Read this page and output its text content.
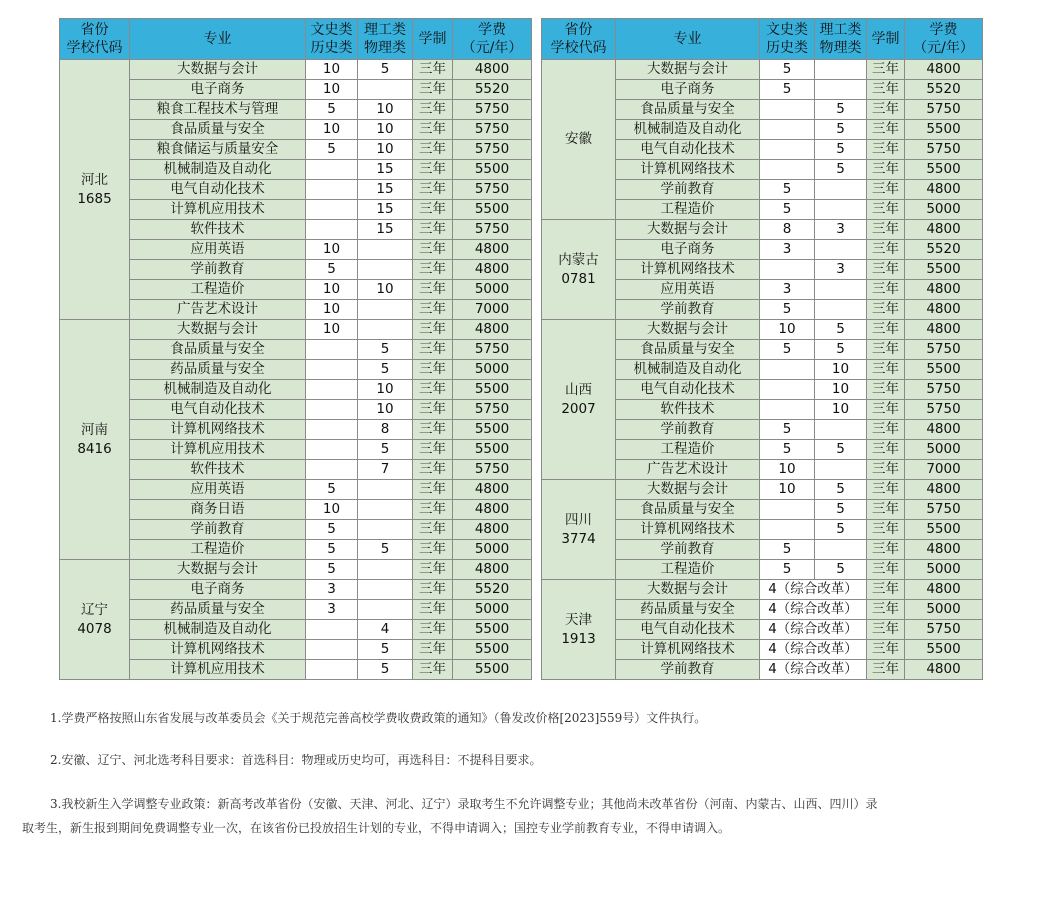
省份
学校代码	专业	文史类
历史类	理工类
物理类	学制	学费
（元/年）
河北
1685	大数据与会计	10	5	三年	4800
	电子商务	10		三年	5520
	粮食工程技术与管理	5	10	三年	5750
	食品质量与安全	10	10	三年	5750
	粮食储运与质量安全	5	10	三年	5750
	机械制造及自动化		15	三年	5500
	电气自动化技术		15	三年	5750
	计算机应用技术		15	三年	5500
	软件技术		15	三年	5750
	应用英语	10		三年	4800
	学前教育	5		三年	4800
	工程造价	10	10	三年	5000
	广告艺术设计	10		三年	7000
河南
8416	大数据与会计	10		三年	4800
	食品质量与安全		5	三年	5750
	药品质量与安全		5	三年	5000
	机械制造及自动化		10	三年	5500
	电气自动化技术		10	三年	5750
	计算机网络技术		8	三年	5500
	计算机应用技术		5	三年	5500
	软件技术		7	三年	5750
	应用英语	5		三年	4800
	商务日语	10		三年	4800
	学前教育	5		三年	4800
	工程造价	5	5	三年	5000
辽宁
4078	大数据与会计	5		三年	4800
	电子商务	3		三年	5520
	药品质量与安全	3		三年	5000
	机械制造及自动化		4	三年	5500
	计算机网络技术		5	三年	5500
	计算机应用技术		5	三年	5500
省份
学校代码	专业	文史类
历史类	理工类
物理类	学制	学费
（元/年）
安徽	大数据与会计	5		三年	4800
	电子商务	5		三年	5520
	食品质量与安全		5	三年	5750
	机械制造及自动化		5	三年	5500
	电气自动化技术		5	三年	5750
	计算机网络技术		5	三年	5500
	学前教育	5		三年	4800
	工程造价	5		三年	5000
内蒙古
0781	大数据与会计	8	3	三年	4800
	电子商务	3		三年	5520
	计算机网络技术		3	三年	5500
	应用英语	3		三年	4800
	学前教育	5		三年	4800
山西
2007	大数据与会计	10	5	三年	4800
	食品质量与安全	5	5	三年	5750
	机械制造及自动化		10	三年	5500
	电气自动化技术		10	三年	5750
	软件技术		10	三年	5750
	学前教育	5		三年	4800
	工程造价	5	5	三年	5000
	广告艺术设计	10		三年	7000
四川
3774	大数据与会计	10	5	三年	4800
	食品质量与安全		5	三年	5750
	计算机网络技术		5	三年	5500
	学前教育	5		三年	4800
	工程造价	5	5	三年	5000
天津
1913	大数据与会计	4（综合改革）		三年	4800
	药品质量与安全	4（综合改革）		三年	5000
	电气自动化技术	4（综合改革）		三年	5750
	计算机网络技术	4（综合改革）		三年	5500
	学前教育	4（综合改革）		三年	4800

1.学费严格按照山东省发展与改革委员会《关于规范完善高校学费收费政策的通知》（鲁发改价格[2023]559号）文件执行。

2.安徽、辽宁、河北选考科目要求：首选科目：物理或历史均可，再选科目：不提科目要求。

3.我校新生入学调整专业政策：新高考改革省份（安徽、天津、河北、辽宁）录取考生不允许调整专业；其他尚未改革省份（河南、内蒙古、山西、四川）录取考生，新生报到期间免费调整专业一次，在该省份已投放招生计划的专业，不得申请调入；国控专业学前教育专业，不得申请调入。
